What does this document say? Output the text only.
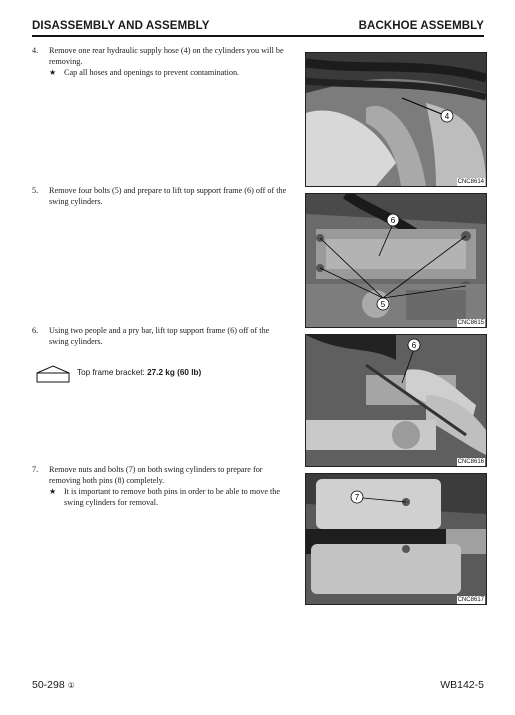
DISASSEMBLY AND ASSEMBLY	BACKHOE ASSEMBLY
4. Remove one rear hydraulic supply hose (4) on the cylinders you will be removing.
★ Cap all hoses and openings to prevent contamination.
5. Remove four bolts (5) and prepare to lift top support frame (6) off of the swing cylinders.
6. Using two people and a pry bar, lift top support frame (6) off of the swing cylinders.
Top frame bracket: 27.2 kg (60 lb)
7. Remove nuts and bolts (7) on both swing cylinders to prepare for removing both pins (8) completely.
★ It is important to remove both pins in order to be able to move the swing cylinders for removal.
4
CNC8614
6
5
CNC8615
6
CNC8616
7
CNC8617
50-298 ①	WB142-5
